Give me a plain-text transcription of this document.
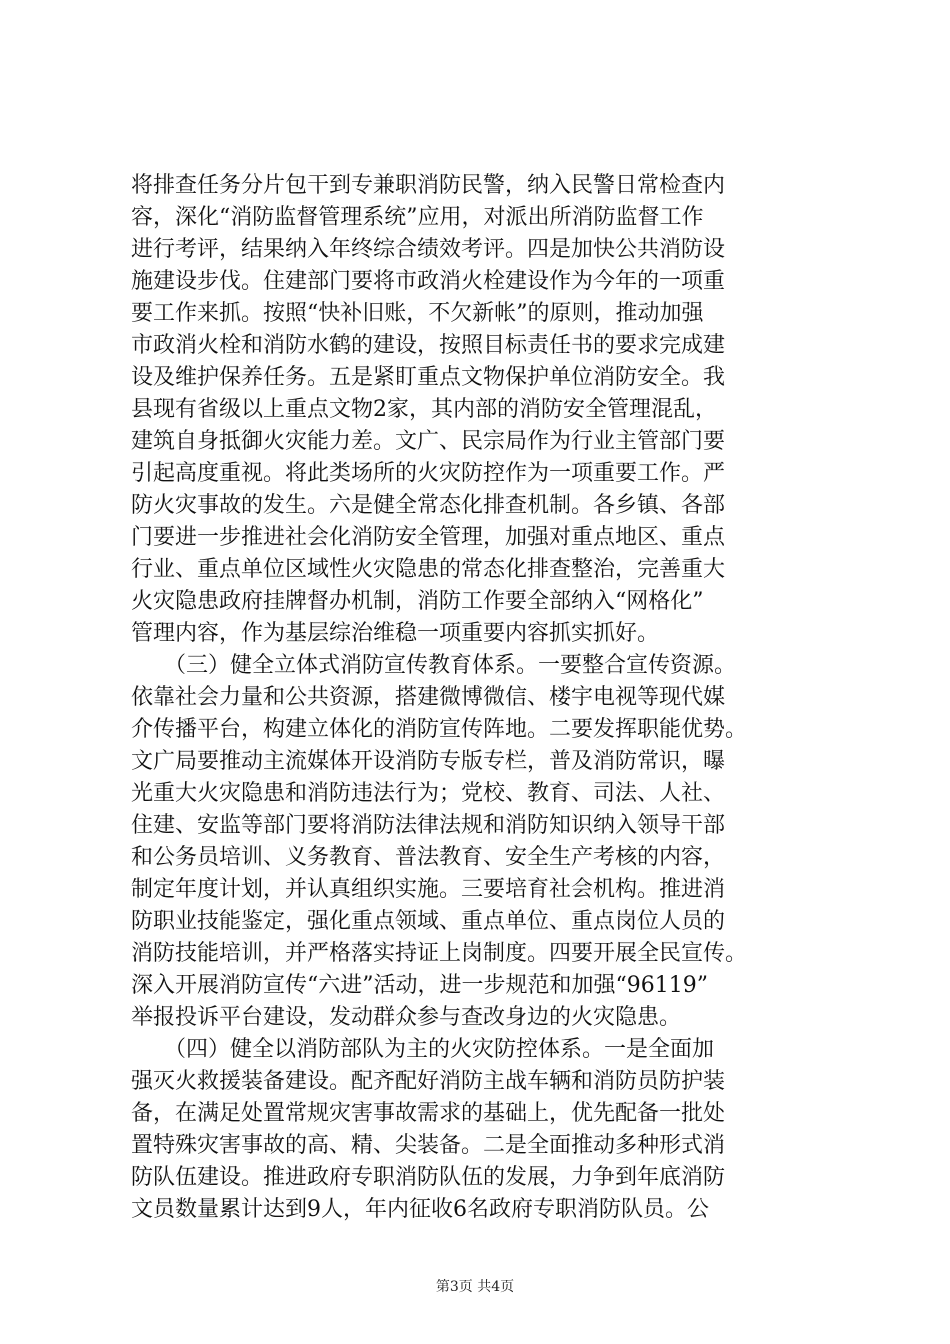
将排查任务分片包干到专兼职消防民警，纳入民警日常检查内
容，深化“消防监督管理系统”应用，对派出所消防监督工作
进行考评，结果纳入年终综合绩效考评。四是加快公共消防设
施建设步伐。住建部门要将市政消火栓建设作为今年的一项重
要工作来抓。按照“快补旧账，不欠新帐”的原则，推动加强
市政消火栓和消防水鹤的建设，按照目标责任书的要求完成建
设及维护保养任务。五是紧盯重点文物保护单位消防安全。我
县现有省级以上重点文物2家，其内部的消防安全管理混乱，
建筑自身抵御火灾能力差。文广、民宗局作为行业主管部门要
引起高度重视。将此类场所的火灾防控作为一项重要工作。严
防火灾事故的发生。六是健全常态化排查机制。各乡镇、各部
门要进一步推进社会化消防安全管理，加强对重点地区、重点
行业、重点单位区域性火灾隐患的常态化排查整治，完善重大
火灾隐患政府挂牌督办机制，消防工作要全部纳入“网格化”
管理内容，作为基层综治维稳一项重要内容抓实抓好。
　　（三）健全立体式消防宣传教育体系。一要整合宣传资源。
依靠社会力量和公共资源，搭建微博微信、楼宇电视等现代媒
介传播平台，构建立体化的消防宣传阵地。二要发挥职能优势。
文广局要推动主流媒体开设消防专版专栏，普及消防常识，曝
光重大火灾隐患和消防违法行为；党校、教育、司法、人社、
住建、安监等部门要将消防法律法规和消防知识纳入领导干部
和公务员培训、义务教育、普法教育、安全生产考核的内容，
制定年度计划，并认真组织实施。三要培育社会机构。推进消
防职业技能鉴定，强化重点领域、重点单位、重点岗位人员的
消防技能培训，并严格落实持证上岗制度。四要开展全民宣传。
深入开展消防宣传“六进”活动，进一步规范和加强“96119”
举报投诉平台建设，发动群众参与查改身边的火灾隐患。
　　（四）健全以消防部队为主的火灾防控体系。一是全面加
强灭火救援装备建设。配齐配好消防主战车辆和消防员防护装
备，在满足处置常规灾害事故需求的基础上，优先配备一批处
置特殊灾害事故的高、精、尖装备。二是全面推动多种形式消
防队伍建设。推进政府专职消防队伍的发展，力争到年底消防
文员数量累计达到9人，年内征收6名政府专职消防队员。公
第3页 共4页
